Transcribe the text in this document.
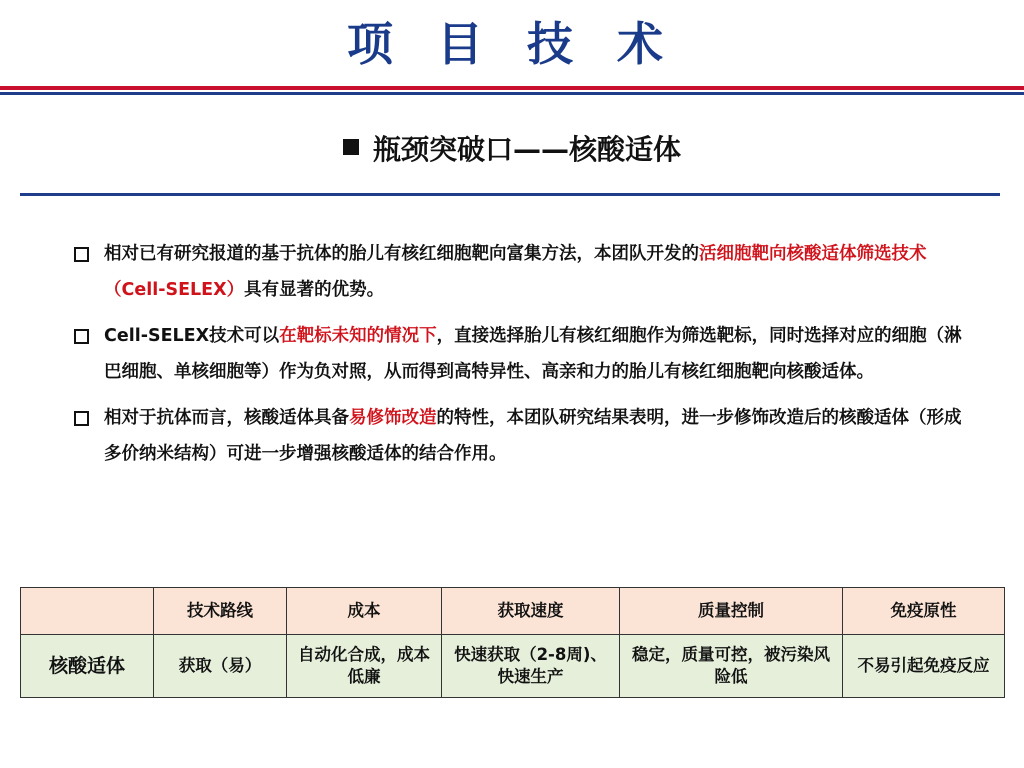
项 目 技 术
瓶颈突破口——核酸适体
相对已有研究报道的基于抗体的胎儿有核红细胞靶向富集方法，本团队开发的活细胞靶向核酸适体筛选技术（Cell-SELEX）具有显著的优势。
Cell-SELEX技术可以在靶标未知的情况下，直接选择胎儿有核红细胞作为筛选靶标，同时选择对应的细胞（淋巴细胞、单核细胞等）作为负对照，从而得到高特异性、高亲和力的胎儿有核红细胞靶向核酸适体。
相对于抗体而言，核酸适体具备易修饰改造的特性，本团队研究结果表明，进一步修饰改造后的核酸适体（形成多价纳米结构）可进一步增强核酸适体的结合作用。
	技术路线	成本	获取速度	质量控制	免疫原性
核酸适体	获取（易）	自动化合成，成本低廉	快速获取（2-8周)、快速生产	稳定，质量可控，被污染风险低	不易引起免疫反应
